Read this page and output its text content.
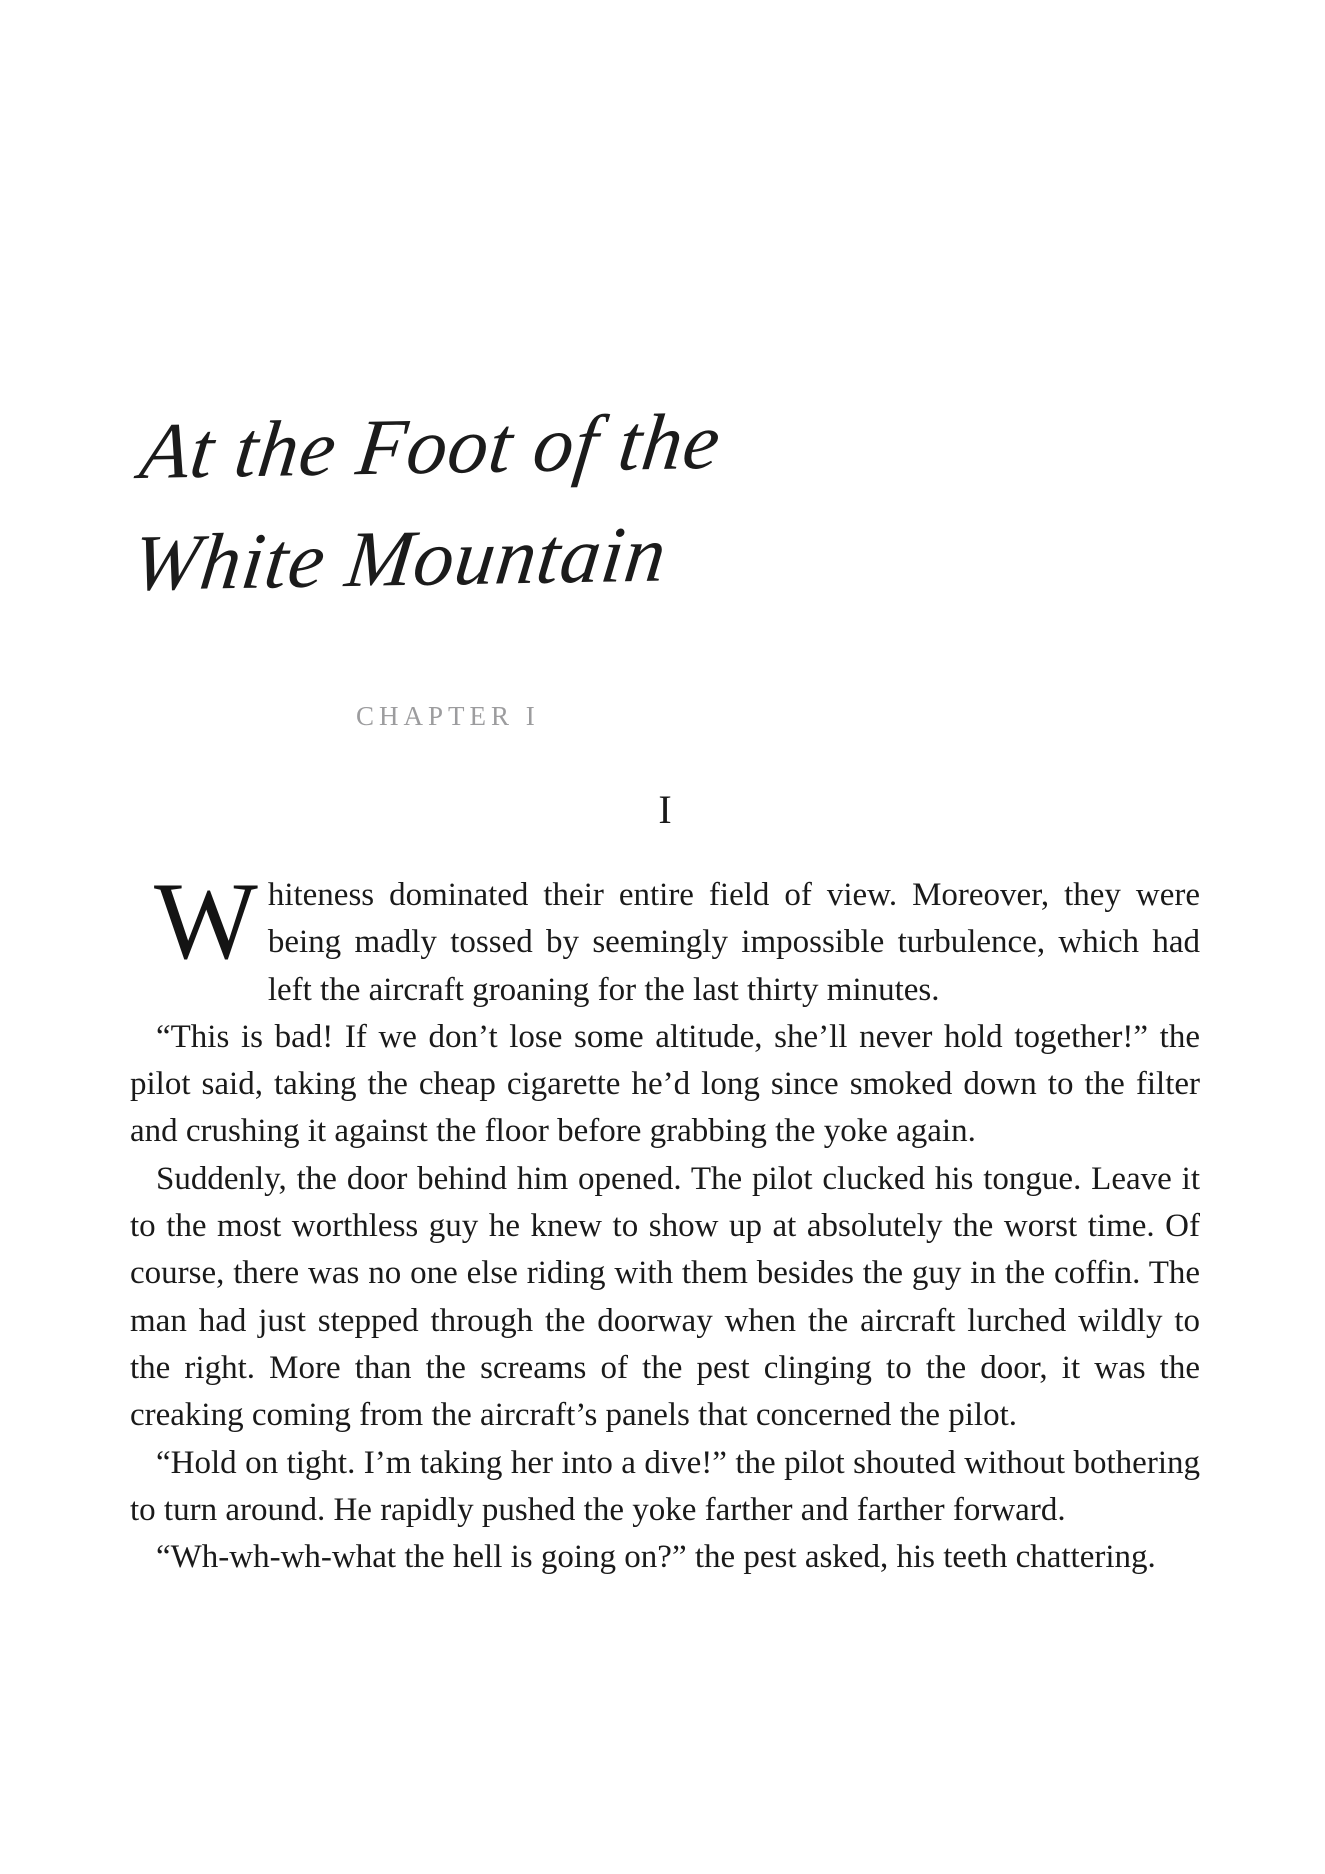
At the Foot of the
White Mountain
CHAPTER I
I

Whiteness dominated their entire field of view. Moreover, they were being madly tossed by seemingly impossible turbulence, which had left the aircraft groaning for the last thirty minutes.

“This is bad! If we don’t lose some altitude, she’ll never hold together!” the pilot said, taking the cheap cigarette he’d long since smoked down to the filter and crushing it against the floor before grabbing the yoke again.

Suddenly, the door behind him opened. The pilot clucked his tongue. Leave it to the most worthless guy he knew to show up at absolutely the worst time. Of course, there was no one else riding with them besides the guy in the coffin. The man had just stepped through the doorway when the aircraft lurched wildly to the right. More than the screams of the pest clinging to the door, it was the creaking coming from the aircraft’s panels that concerned the pilot.

“Hold on tight. I’m taking her into a dive!” the pilot shouted without bothering to turn around. He rapidly pushed the yoke farther and farther forward.

“Wh-wh-wh-what the hell is going on?” the pest asked, his teeth chattering.
